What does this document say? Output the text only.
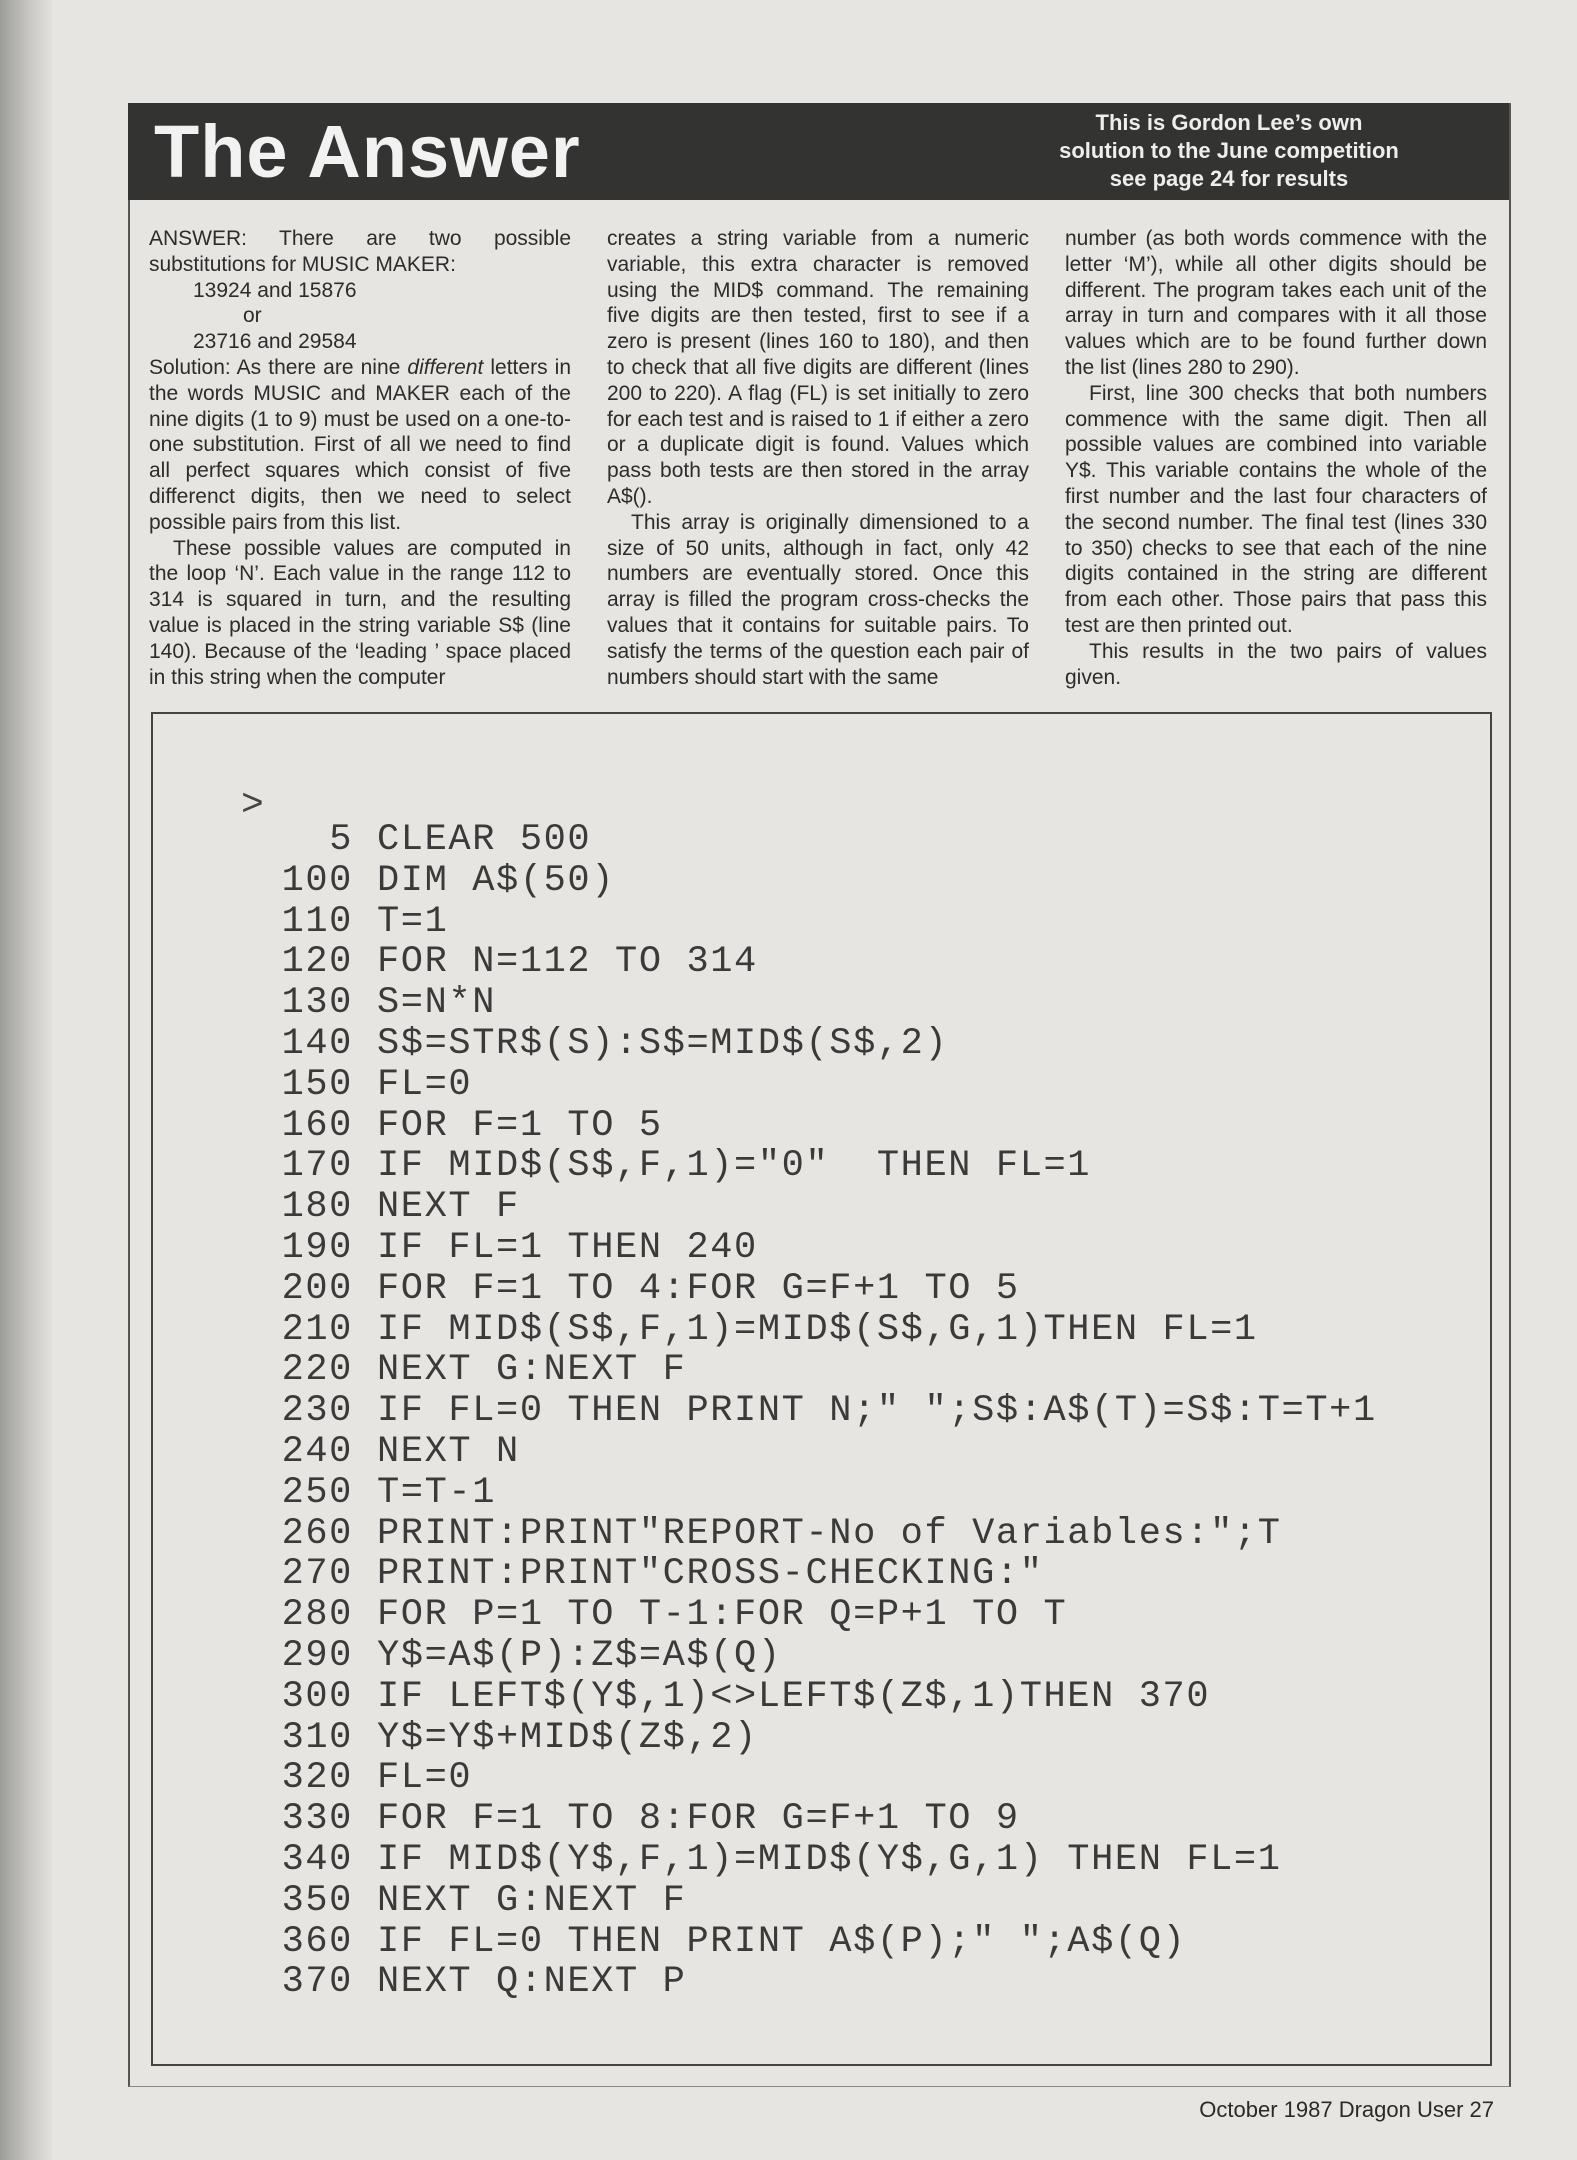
The Answer	This is Gordon Lee’s own
solution to the June competition
see page 24 for results

ANSWER: There are two possible substitutions for MUSIC MAKER:

13924 and 15876

or

23716 and 29584

Solution: As there are nine different letters in the words MUSIC and MAKER each of the nine digits (1 to 9) must be used on a one-to-one substitution. First of all we need to find all perfect squares which consist of five differenct digits, then we need to select possible pairs from this list.

These possible values are computed in the loop ‘N’. Each value in the range 112 to 314 is squared in turn, and the resulting value is placed in the string variable S$ (line 140). Because of the ‘leading ’ space placed in this string when the computer

creates a string variable from a numeric variable, this extra character is removed using the MID$ command. The remaining five digits are then tested, first to see if a zero is present (lines 160 to 180), and then to check that all five digits are different (lines 200 to 220). A flag (FL) is set initially to zero for each test and is raised to 1 if either a zero or a duplicate digit is found. Values which pass both tests are then stored in the array A$().

This array is originally dimensioned to a size of 50 units, although in fact, only 42 numbers are eventually stored. Once this array is filled the program cross-checks the values that it contains for suitable pairs. To satisfy the terms of the question each pair of numbers should start with the same

number (as both words commence with the letter ‘M’), while all other digits should be different. The program takes each unit of the array in turn and compares with it all those values which are to be found further down the list (lines 280 to 290).

First, line 300 checks that both numbers commence with the same digit. Then all possible values are combined into variable Y$. This variable contains the whole of the first number and the last four characters of the second number. The final test (lines 330 to 350) checks to see that each of the nine digits contained in the string are different from each other. Those pairs that pass this test are then printed out.

This results in the two pairs of values given.

>
5 CLEAR 500
100 DIM A$(50)
110 T=1
120 FOR N=112 TO 314
130 S=N*N
140 S$=STR$(S):S$=MID$(S$,2)
150 FL=0
160 FOR F=1 TO 5
170 IF MID$(S$,F,1)="0"  THEN FL=1
180 NEXT F
190 IF FL=1 THEN 240
200 FOR F=1 TO 4:FOR G=F+1 TO 5
210 IF MID$(S$,F,1)=MID$(S$,G,1)THEN FL=1
220 NEXT G:NEXT F
230 IF FL=0 THEN PRINT N;" ";S$:A$(T)=S$:T=T+1
240 NEXT N
250 T=T-1
260 PRINT:PRINT"REPORT-No of Variables:";T
270 PRINT:PRINT"CROSS-CHECKING:"
280 FOR P=1 TO T-1:FOR Q=P+1 TO T
290 Y$=A$(P):Z$=A$(Q)
300 IF LEFT$(Y$,1)<>LEFT$(Z$,1)THEN 370
310 Y$=Y$+MID$(Z$,2)
320 FL=0
330 FOR F=1 TO 8:FOR G=F+1 TO 9
340 IF MID$(Y$,F,1)=MID$(Y$,G,1) THEN FL=1
350 NEXT G:NEXT F
360 IF FL=0 THEN PRINT A$(P);" ";A$(Q)
370 NEXT Q:NEXT P
October 1987 Dragon User 27
